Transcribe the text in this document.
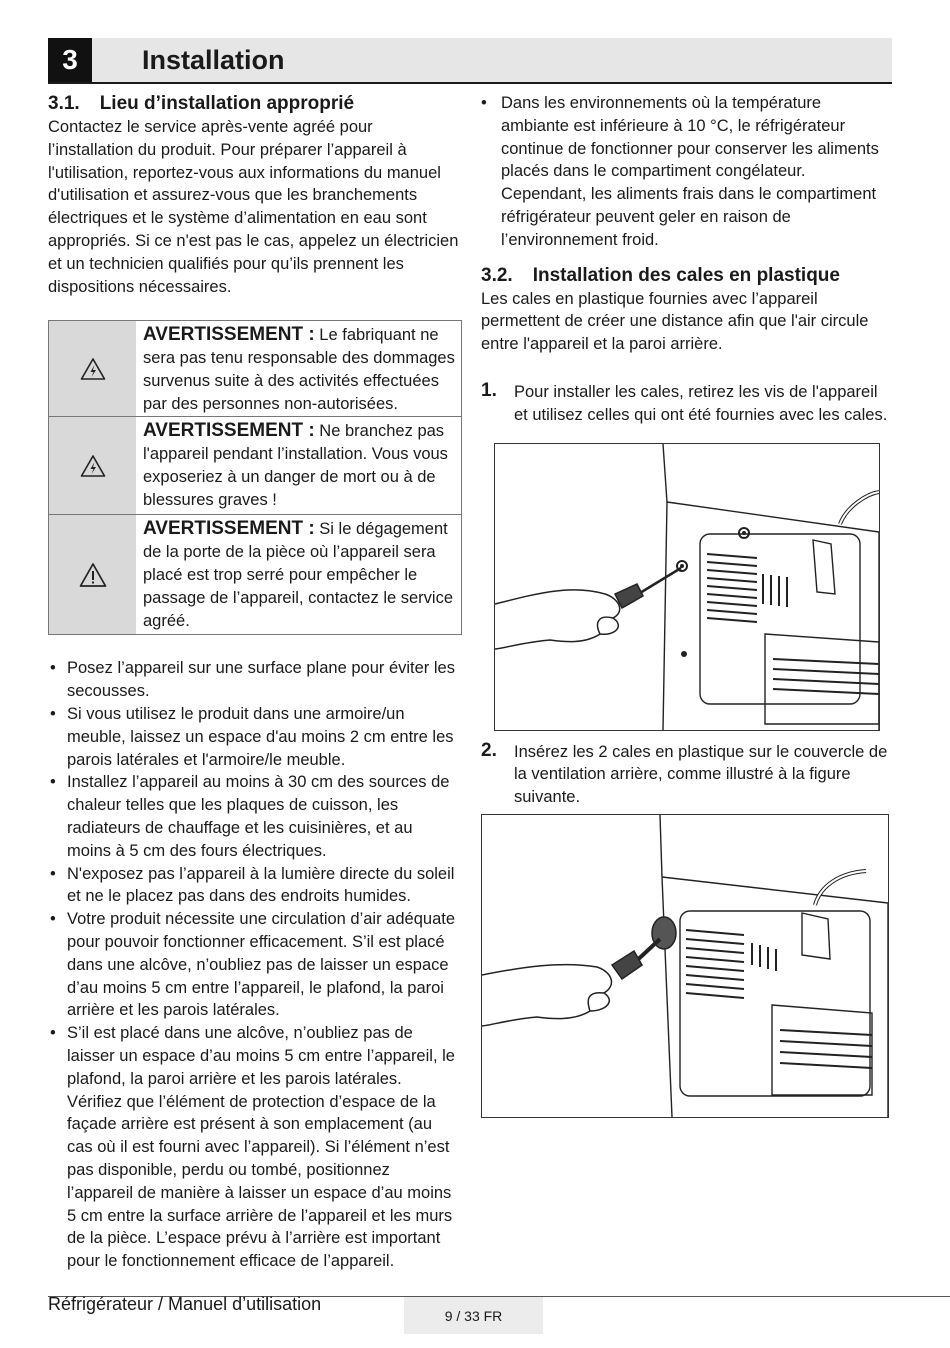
3	Installation
3.1. Lieu d’installation approprié

Contactez le service après-vente agréé pour l’installation du produit. Pour préparer l’appareil à l'utilisation, reportez-vous aux informations du manuel d'utilisation et assurez-vous que les branchements électriques et le système d’alimentation en eau sont appropriés. Si ce n'est pas le cas, appelez un électricien et un technicien qualifiés pour qu’ils prennent les dispositions nécessaires.

AVERTISSEMENT : Le fabriquant ne sera pas tenu responsable des dommages survenus suite à des activités effectuées par des personnes non-autorisées.
AVERTISSEMENT : Ne branchez pas l'appareil pendant l’installation. Vous vous exposeriez à un danger de mort ou à de blessures graves !
AVERTISSEMENT : Si le dégagement de la porte de la pièce où l’appareil sera placé est trop serré pour empêcher le passage de l’appareil, contactez le service agréé.
• Posez l’appareil sur une surface plane pour éviter les secousses.
• Si vous utilisez le produit dans une armoire/un meuble, laissez un espace d'au moins 2 cm entre les parois latérales et l'armoire/le meuble.
• Installez l’appareil au moins à 30 cm des sources de chaleur telles que les plaques de cuisson, les radiateurs de chauffage et les cuisinières, et au moins à 5 cm des fours électriques.
• N'exposez pas l’appareil à la lumière directe du soleil et ne le placez pas dans des endroits humides.
• Votre produit nécessite une circulation d’air adéquate pour pouvoir fonctionner efficacement. S’il est placé dans une alcôve, n’oubliez pas de laisser un espace d’au moins 5 cm entre l’appareil, le plafond, la paroi arrière et les parois latérales.
• S’il est placé dans une alcôve, n’oubliez pas de laisser un espace d’au moins 5 cm entre l’appareil, le plafond, la paroi arrière et les parois latérales. Vérifiez que l’élément de protection d’espace de la façade arrière est présent à son emplacement (au cas où il est fourni avec l’appareil). Si l’élément n’est pas disponible, perdu ou tombé, positionnez l’appareil de manière à laisser un espace d’au moins 5 cm entre la surface arrière de l’appareil et les murs de la pièce. L’espace prévu à l’arrière est important pour le fonctionnement efficace de l’appareil.

• Dans les environnements où la température ambiante est inférieure à 10 °C, le réfrigérateur continue de fonctionner pour conserver les aliments placés dans le compartiment congélateur. Cependant, les aliments frais dans le compartiment réfrigérateur peuvent geler en raison de l’environnement froid.

3.2. Installation des cales en plastique

Les cales en plastique fournies avec l’appareil permettent de créer une distance afin que l'air circule entre l'appareil et la paroi arrière.

1. Pour installer les cales, retirez les vis de l'appareil et utilisez celles qui ont été fournies avec les cales.

2. Insérez les 2 cales en plastique sur le couvercle de la ventilation arrière, comme illustré à la figure suivante.

Réfrigérateur / Manuel d’utilisation
9 / 33 FR
